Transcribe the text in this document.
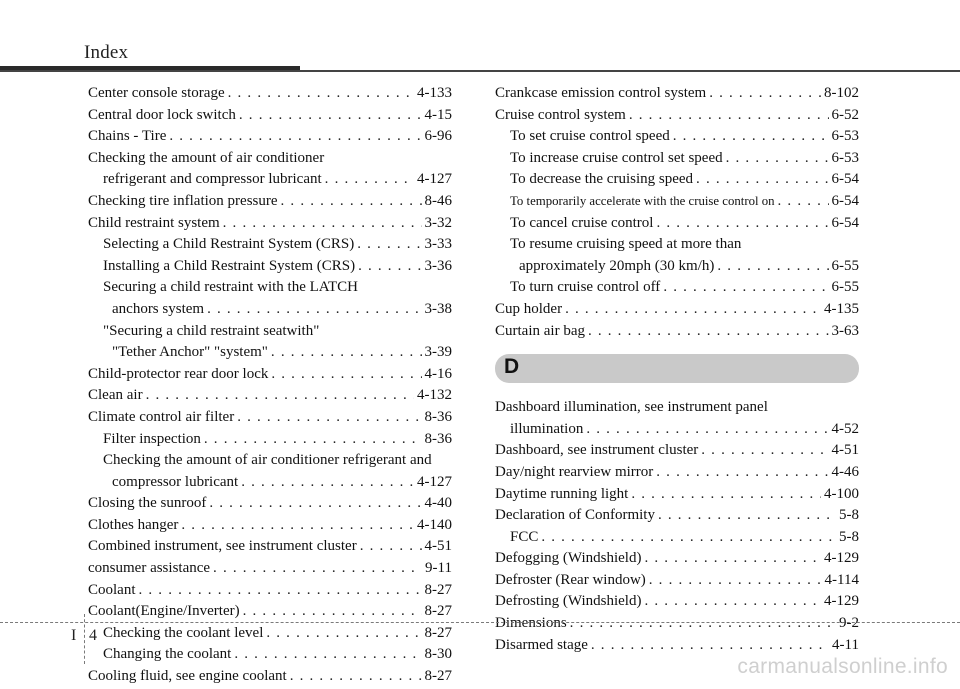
Index
Center console storage . . .	4-133
Central door lock switch . . .	4-15
Chains - Tire . . .	6-96
Checking the amount of air conditioner
refrigerant and compressor lubricant . . .	4-127
Checking tire inflation pressure . . .	8-46
Child restraint system . . .	3-32
Selecting a Child Restraint System (CRS) . . .	3-33
Installing a Child Restraint System (CRS) . . .	3-36
Securing a child restraint with the LATCH
anchors system . . .	3-38
"Securing a child restraint seatwith"
"Tether Anchor" "system" . . .	3-39
Child-protector rear door lock . . .	4-16
Clean air . . .	4-132
Climate control air filter . . .	8-36
Filter inspection . . .	8-36
Checking the amount of air conditioner refrigerant and
compressor lubricant . . .	4-127
Closing the sunroof . . .	4-40
Clothes hanger . . .	4-140
Combined instrument, see instrument cluster . . .	4-51
consumer assistance . . .	9-11
Coolant . . .	8-27
Coolant(Engine/Inverter) . . .	8-27
Checking the coolant level . . .	8-27
Changing the coolant . . .	8-30
Cooling fluid, see engine coolant . . .	8-27
Crankcase emission control system . . .	8-102
Cruise control system . . .	6-52
To set cruise control speed . . .	6-53
To increase cruise control set speed . . .	6-53
To decrease the cruising speed . . .	6-54
To temporarily accelerate with the cruise control on . . .	6-54
To cancel cruise control . . .	6-54
To resume cruising speed at more than
approximately 20mph (30 km/h) . . .	6-55
To turn cruise control off . . .	6-55
Cup holder . . .	4-135
Curtain air bag . . .	3-63
D
Dashboard illumination, see instrument panel
illumination . . .	4-52
Dashboard, see instrument cluster . . .	4-51
Day/night rearview mirror . . .	4-46
Daytime running light . . .	4-100
Declaration of Conformity . . .	5-8
FCC . . .	5-8
Defogging (Windshield) . . .	4-129
Defroster (Rear window) . . .	4-114
Defrosting (Windshield) . . .	4-129
Dimensions . . .	9-2
Disarmed stage . . .	4-11
I 4
carmanualsonline.info
